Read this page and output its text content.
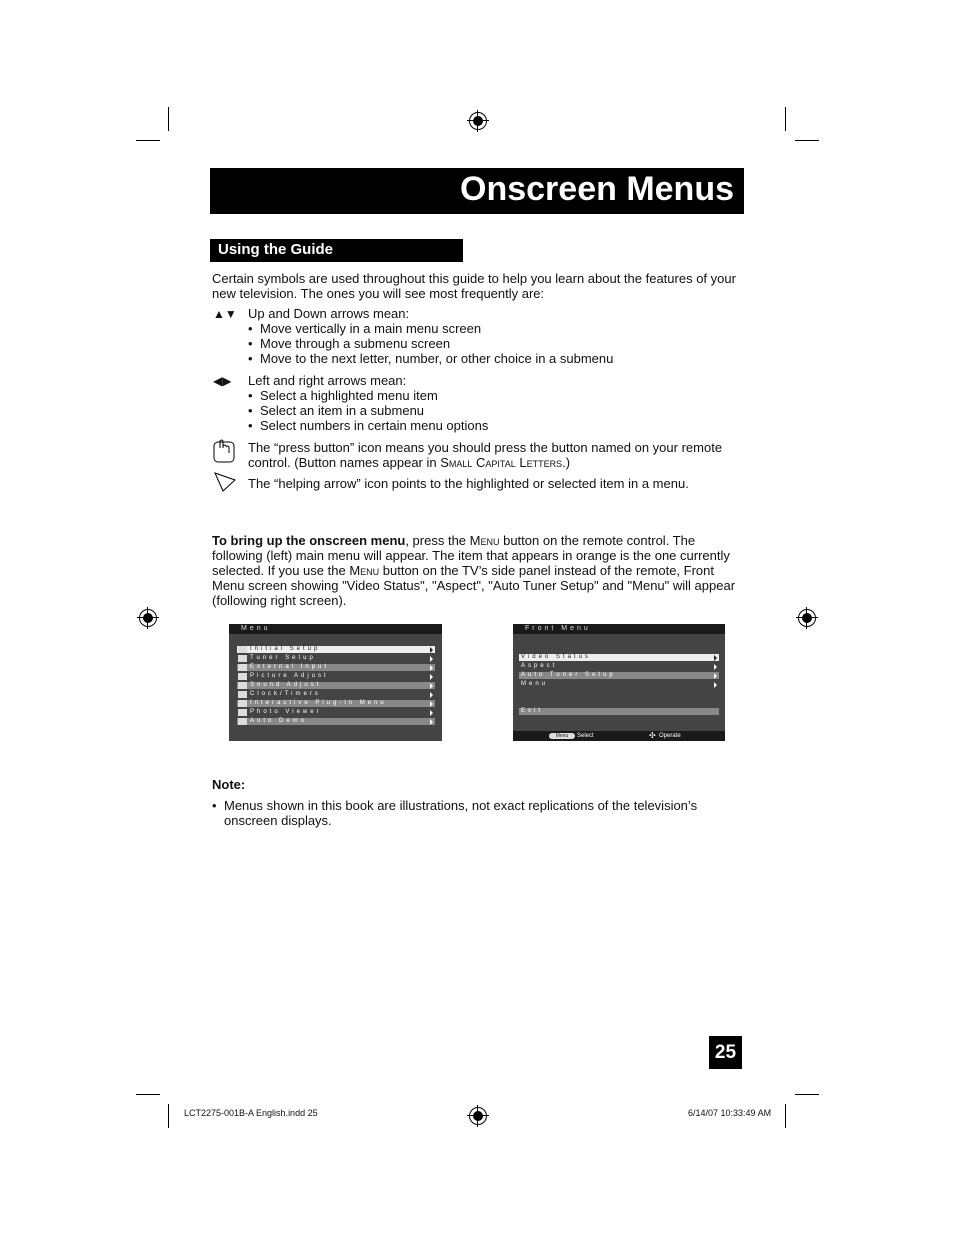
Onscreen Menus
Using the Guide
Certain symbols are used throughout this guide to help you learn about the features of your new television. The ones you will see most frequently are:
▲▼ Up and Down arrows mean:
• Move vertically in a main menu screen
• Move through a submenu screen
• Move to the next letter, number, or other choice in a submenu
◀▶ Left and right arrows mean:
• Select a highlighted menu item
• Select an item in a submenu
• Select numbers in certain menu options
The “press button” icon means you should press the button named on your remote control. (Button names appear in Small Capital Letters.)
The “helping arrow” icon points to the highlighted or selected item in a menu.
To bring up the onscreen menu, press the Menu button on the remote control. The following (left) main menu will appear. The item that appears in orange is the one currently selected. If you use the Menu button on the TV’s side panel instead of the remote, Front Menu screen showing "Video Status", "Aspect", "Auto Tuner Setup" and "Menu" will appear (following right screen).
Menu
Initial Setup
Tuner Setup
External Input
Picture Adjust
Sound Adjust
Clock/Timers
Interactive Plug-in Menu
Photo Viewer
Auto Demo
Front Menu
Video Status
Aspect
Auto Tuner Setup
Menu
Exit
Menu	Select	✣ Operate
Note:
• Menus shown in this book are illustrations, not exact replications of the television’s onscreen displays.
25
LCT2275-001B-A English.indd 25	6/14/07 10:33:49 AM
